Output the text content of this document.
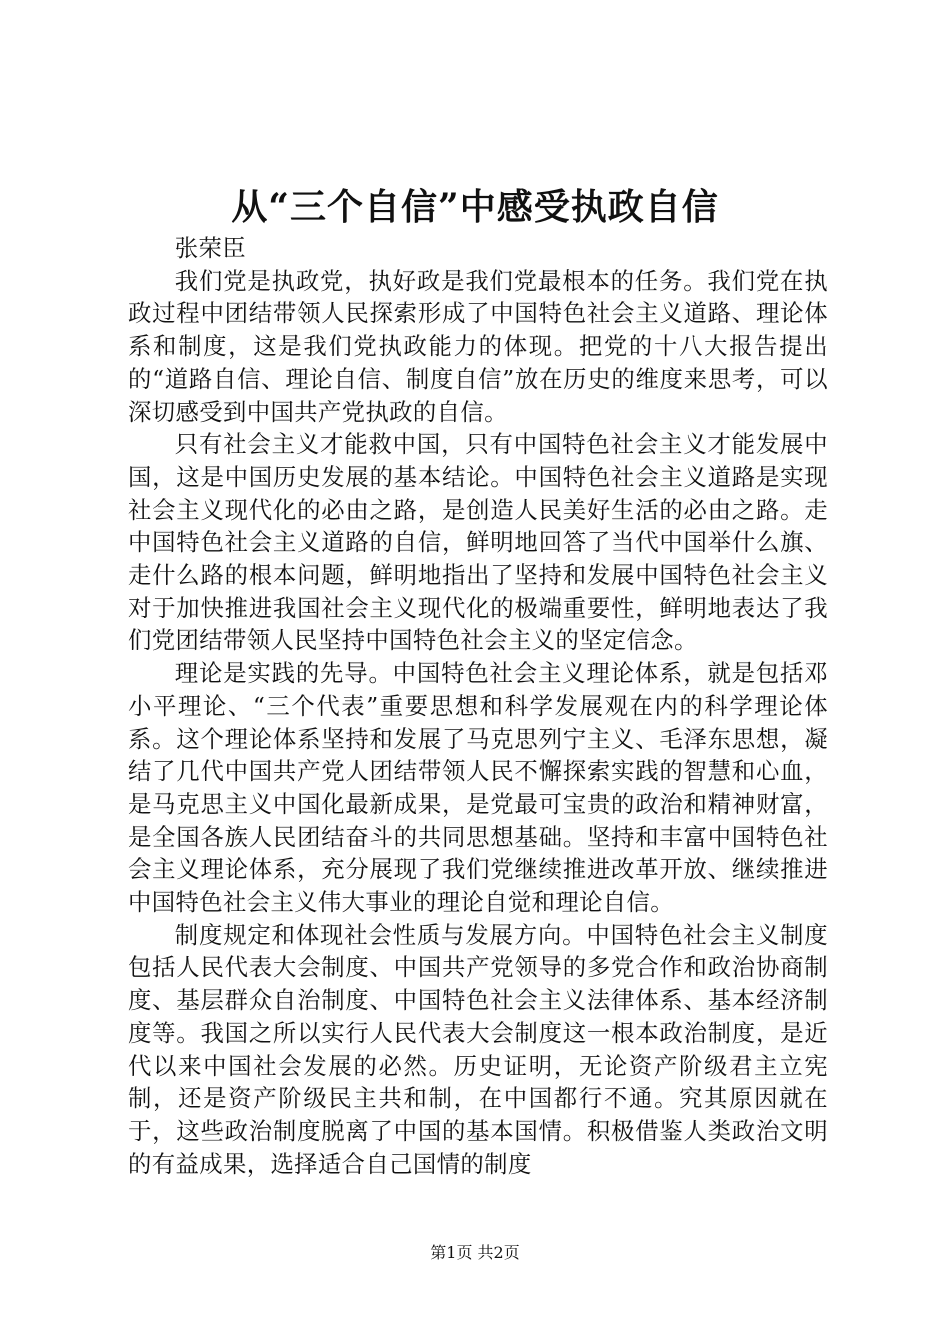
从“三个自信”中感受执政自信

张荣臣

我们党是执政党，执好政是我们党最根本的任务。我们党在执政过程中团结带领人民探索形成了中国特色社会主义道路、理论体系和制度，这是我们党执政能力的体现。把党的十八大报告提出的“道路自信、理论自信、制度自信”放在历史的维度来思考，可以深切感受到中国共产党执政的自信。

只有社会主义才能救中国，只有中国特色社会主义才能发展中国，这是中国历史发展的基本结论。中国特色社会主义道路是实现社会主义现代化的必由之路，是创造人民美好生活的必由之路。走中国特色社会主义道路的自信，鲜明地回答了当代中国举什么旗、走什么路的根本问题，鲜明地指出了坚持和发展中国特色社会主义对于加快推进我国社会主义现代化的极端重要性，鲜明地表达了我们党团结带领人民坚持中国特色社会主义的坚定信念。

理论是实践的先导。中国特色社会主义理论体系，就是包括邓小平理论、“三个代表”重要思想和科学发展观在内的科学理论体系。这个理论体系坚持和发展了马克思列宁主义、毛泽东思想，凝结了几代中国共产党人团结带领人民不懈探索实践的智慧和心血，是马克思主义中国化最新成果，是党最可宝贵的政治和精神财富，是全国各族人民团结奋斗的共同思想基础。坚持和丰富中国特色社会主义理论体系，充分展现了我们党继续推进改革开放、继续推进中国特色社会主义伟大事业的理论自觉和理论自信。

制度规定和体现社会性质与发展方向。中国特色社会主义制度包括人民代表大会制度、中国共产党领导的多党合作和政治协商制度、基层群众自治制度、中国特色社会主义法律体系、基本经济制度等。我国之所以实行人民代表大会制度这一根本政治制度，是近代以来中国社会发展的必然。历史证明，无论资产阶级君主立宪制，还是资产阶级民主共和制，在中国都行不通。究其原因就在于，这些政治制度脱离了中国的基本国情。积极借鉴人类政治文明的有益成果，选择适合自己国情的制度

第1页 共2页
